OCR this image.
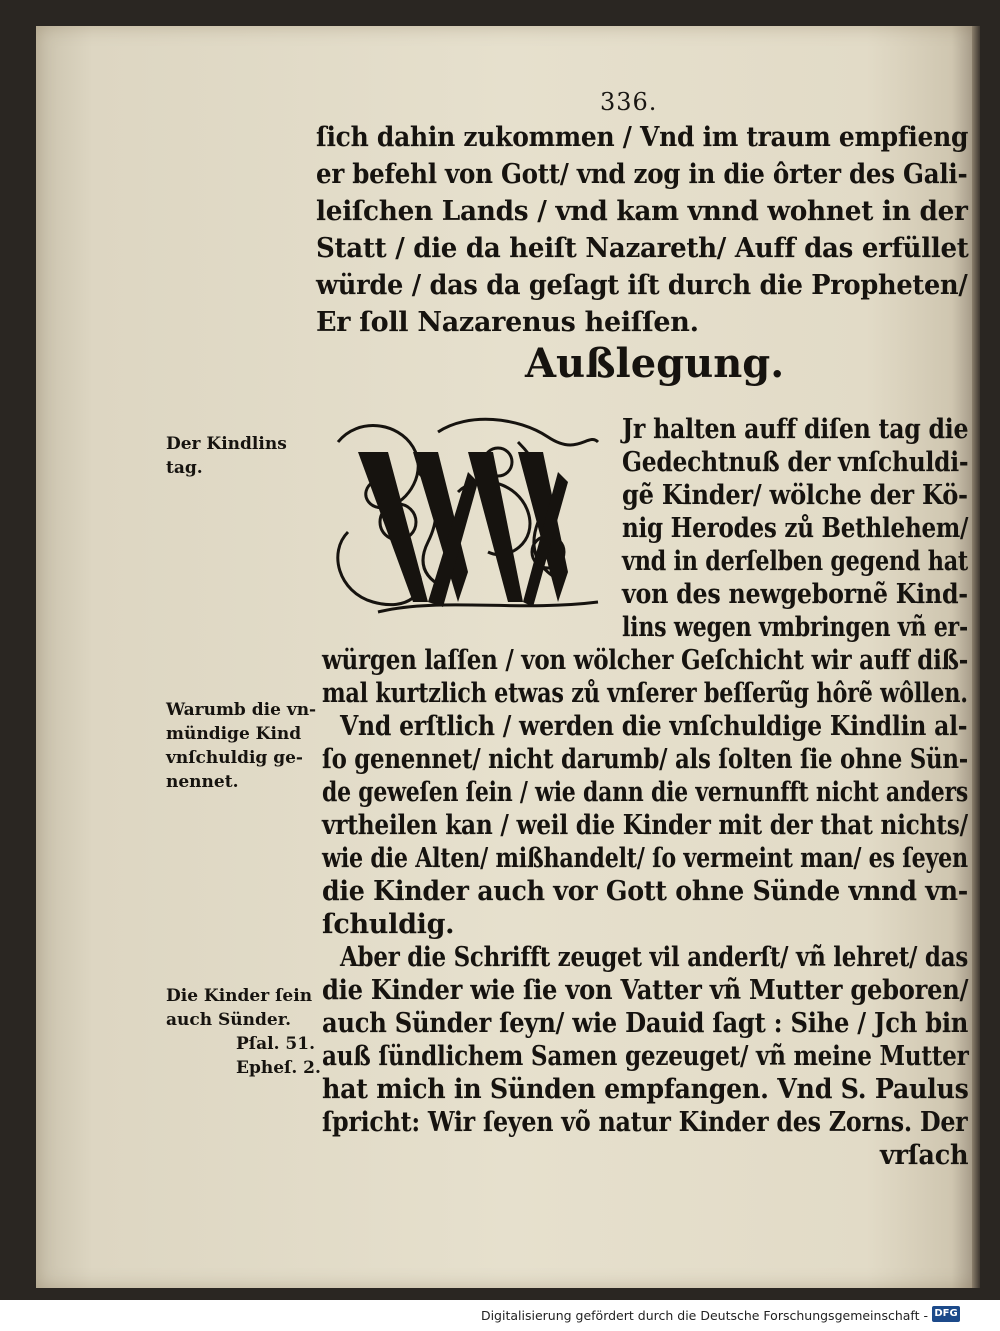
336.
ſich dahin zukommen / Vnd im traum empfieng
er befehl von Gott/ vnd zog in die ôrter des Gali-
leiſchen Lands / vnd kam vnnd wohnet in der
Statt / die da heiſt Nazareth/ Auff das erfüllet
würde / das da geſagt iſt durch die Propheten/
Er ſoll Nazarenus heiſſen.
Außlegung.
Jr halten auff diſen tag die
Gedechtnuß der vnſchuldi-
gẽ Kinder/ wölche der Kö-
nig Herodes zů Bethlehem/
vnd in derſelben gegend hat
von des newgebornẽ Kind-
lins wegen vmbringen vñ er-
würgen laſſen / von wölcher Geſchicht wir auff diß-
mal kurtzlich etwas zů vnſerer beſſerũg hôrẽ wôllen.
Vnd erſtlich / werden die vnſchuldige Kindlin al-
ſo genennet/ nicht darumb/ als ſolten ſie ohne Sün-
de geweſen ſein / wie dann die vernunfft nicht anders
vrtheilen kan / weil die Kinder mit der that nichts/
wie die Alten/ mißhandelt/ ſo vermeint man/ es ſeyen
die Kinder auch vor Gott ohne Sünde vnnd vn-
ſchuldig.
Aber die Schrifft zeuget vil anderſt/ vñ lehret/ das
die Kinder wie ſie von Vatter vñ Mutter geboren/
auch Sünder ſeyn/ wie Dauid ſagt : Sihe / Jch bin
auß ſündlichem Samen gezeuget/ vñ meine Mutter
hat mich in Sünden empfangen. Vnd S. Paulus
ſpricht: Wir ſeyen võ natur Kinder des Zorns. Der
vrſach
Der Kindlins
tag.
Warumb die vn-
mündige Kind
vnſchuldig ge-
nennet.
Die Kinder ſein
auch Sünder.
Pſal. 51.
Epheſ. 2.
Digitalisierung gefördert durch die Deutsche Forschungsgemeinschaft - DFG
